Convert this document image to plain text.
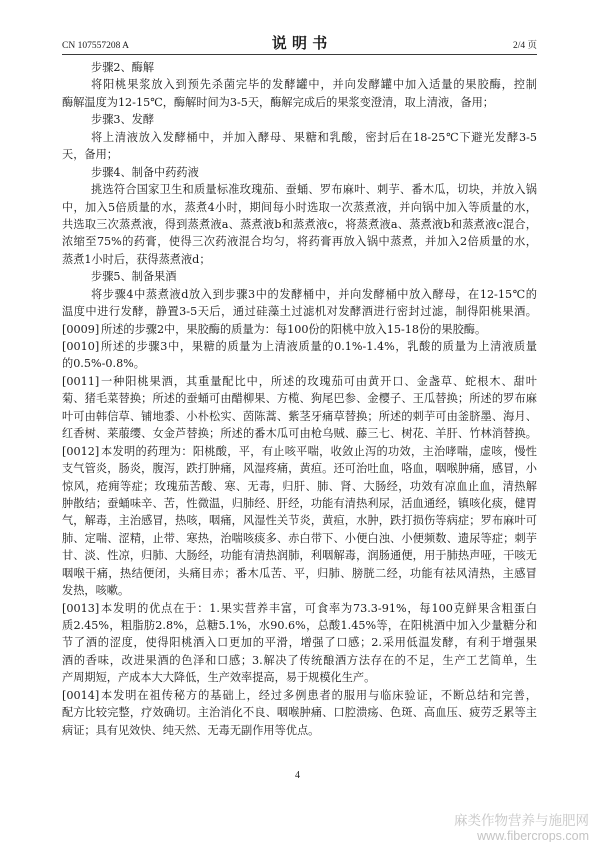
CN 107557208 A	说 明 书	2/4 页
步骤2、酶解
将阳桃果浆放入到预先杀菌完毕的发酵罐中，并向发酵罐中加入适量的果胶酶，控制
酶解温度为12-15℃，酶解时间为3-5天，酶解完成后的果浆变澄清，取上清液，备用；
步骤3、发酵
将上清液放入发酵桶中，并加入酵母、果糖和乳酸，密封后在18-25℃下避光发酵3-5
天，备用；
步骤4、制备中药药液
挑选符合国家卫生和质量标准玫瑰茄、蚕蛹、罗布麻叶、刺芋、番木瓜，切块，并放入锅
中，加入5倍质量的水，蒸煮4小时，期间每小时选取一次蒸煮液，并向锅中加入等质量的水，
共选取三次蒸煮液，得到蒸煮液a、蒸煮液b和蒸煮液c，将蒸煮液a、蒸煮液b和蒸煮液c混合，
浓缩至75%的药膏，使得三次药液混合均匀，将药膏再放入锅中蒸煮，并加入2倍质量的水，
蒸煮1小时后，获得蒸煮液d；
步骤5、制备果酒
将步骤4中蒸煮液d放入到步骤3中的发酵桶中，并向发酵桶中放入酵母，在12-15℃的
温度中进行发酵，静置3-5天后，通过硅藻土过滤机对发酵酒进行密封过滤，制得阳桃果酒。
[0009] 所述的步骤2中，果胶酶的质量为：每100份的阳桃中放入15-18份的果胶酶。
[0010] 所述的步骤3中，果糖的质量为上清液质量的0.1%-1.4%，乳酸的质量为上清液质量
的0.5%-0.8%。
[0011] 一种阳桃果酒，其重量配比中，所述的玫瑰茄可由黄开口、金盏草、蛇根木、甜叶
菊、猪毛菜替换；所述的蚕蛹可由醋柳果、方榄、狗尾巴参、金樱子、王瓜替换；所述的罗布麻
叶可由韩信草、铺地黍、小朴松实、茵陈蒿、紫茎牙痛草替换；所述的刺芋可由釜脐墨、海月、
红香树、莱菔缨、女金芦替换；所述的番木瓜可由枪乌贼、藤三七、树花、羊肝、竹林消替换。
[0012] 本发明的药理为：阳桃酸，平，有止咳平喘，收敛止泻的功效，主治哮喘，虚咳，慢性
支气管炎，肠炎，腹泻，跌打肿痛，风湿疼痛，黄疸。还可治吐血，咯血，咽喉肿痛，感冒，小
惊风，疮痈等症；玫瑰茄苦酸、寒、无毒，归肝、肺、肾、大肠经，功效有凉血止血，清热解
肿散结；蚕蛹味辛、苦，性微温，归肺经、肝经，功能有清热利尿，活血通经，镇咳化痰，健胃
气，解毒，主治感冒，热咳，咽痛，风湿性关节炎，黄疸，水肿，跌打损伤等病症；罗布麻叶可
肺、定喘、涩精，止带、寒热，治喘咳痰多、赤白带下、小便白浊、小便频数、遗尿等症；刺芋
甘、淡、性凉，归肺、大肠经，功能有清热润肺，利咽解毒，润肠通便，用于肺热声哑，干咳无
咽喉干痛，热结便闭，头痛目赤；番木瓜苦、平，归肺、膀胱二经，功能有祛风清热，主感冒
发热，咳嗽。
[0013] 本发明的优点在于：1.果实营养丰富，可食率为73.3-91%，每100克鲜果含粗蛋白
质2.45%，粗脂肪2.8%，总糖5.1%，水90.6%，总酸1.45%等，在阳桃酒中加入少量糖分和
节了酒的涩度，使得阳桃酒入口更加的平滑，增强了口感；2.采用低温发酵，有利于增强果
酒的香味，改进果酒的色泽和口感；3.解决了传统酿酒方法存在的不足，生产工艺简单，生
产周期短，产成本大大降低，生产效率提高，易于规模化生产。
[0014] 本发明在祖传秘方的基础上，经过多例患者的服用与临床验证，不断总结和完善，
配方比较完整，疗效确切。主治消化不良、咽喉肿痛、口腔溃疡、色斑、高血压、疲劳乏累等主
病证；具有见效快、纯天然、无毒无副作用等优点。
4
麻类作物营养与施肥网
www.fibercrops.com
